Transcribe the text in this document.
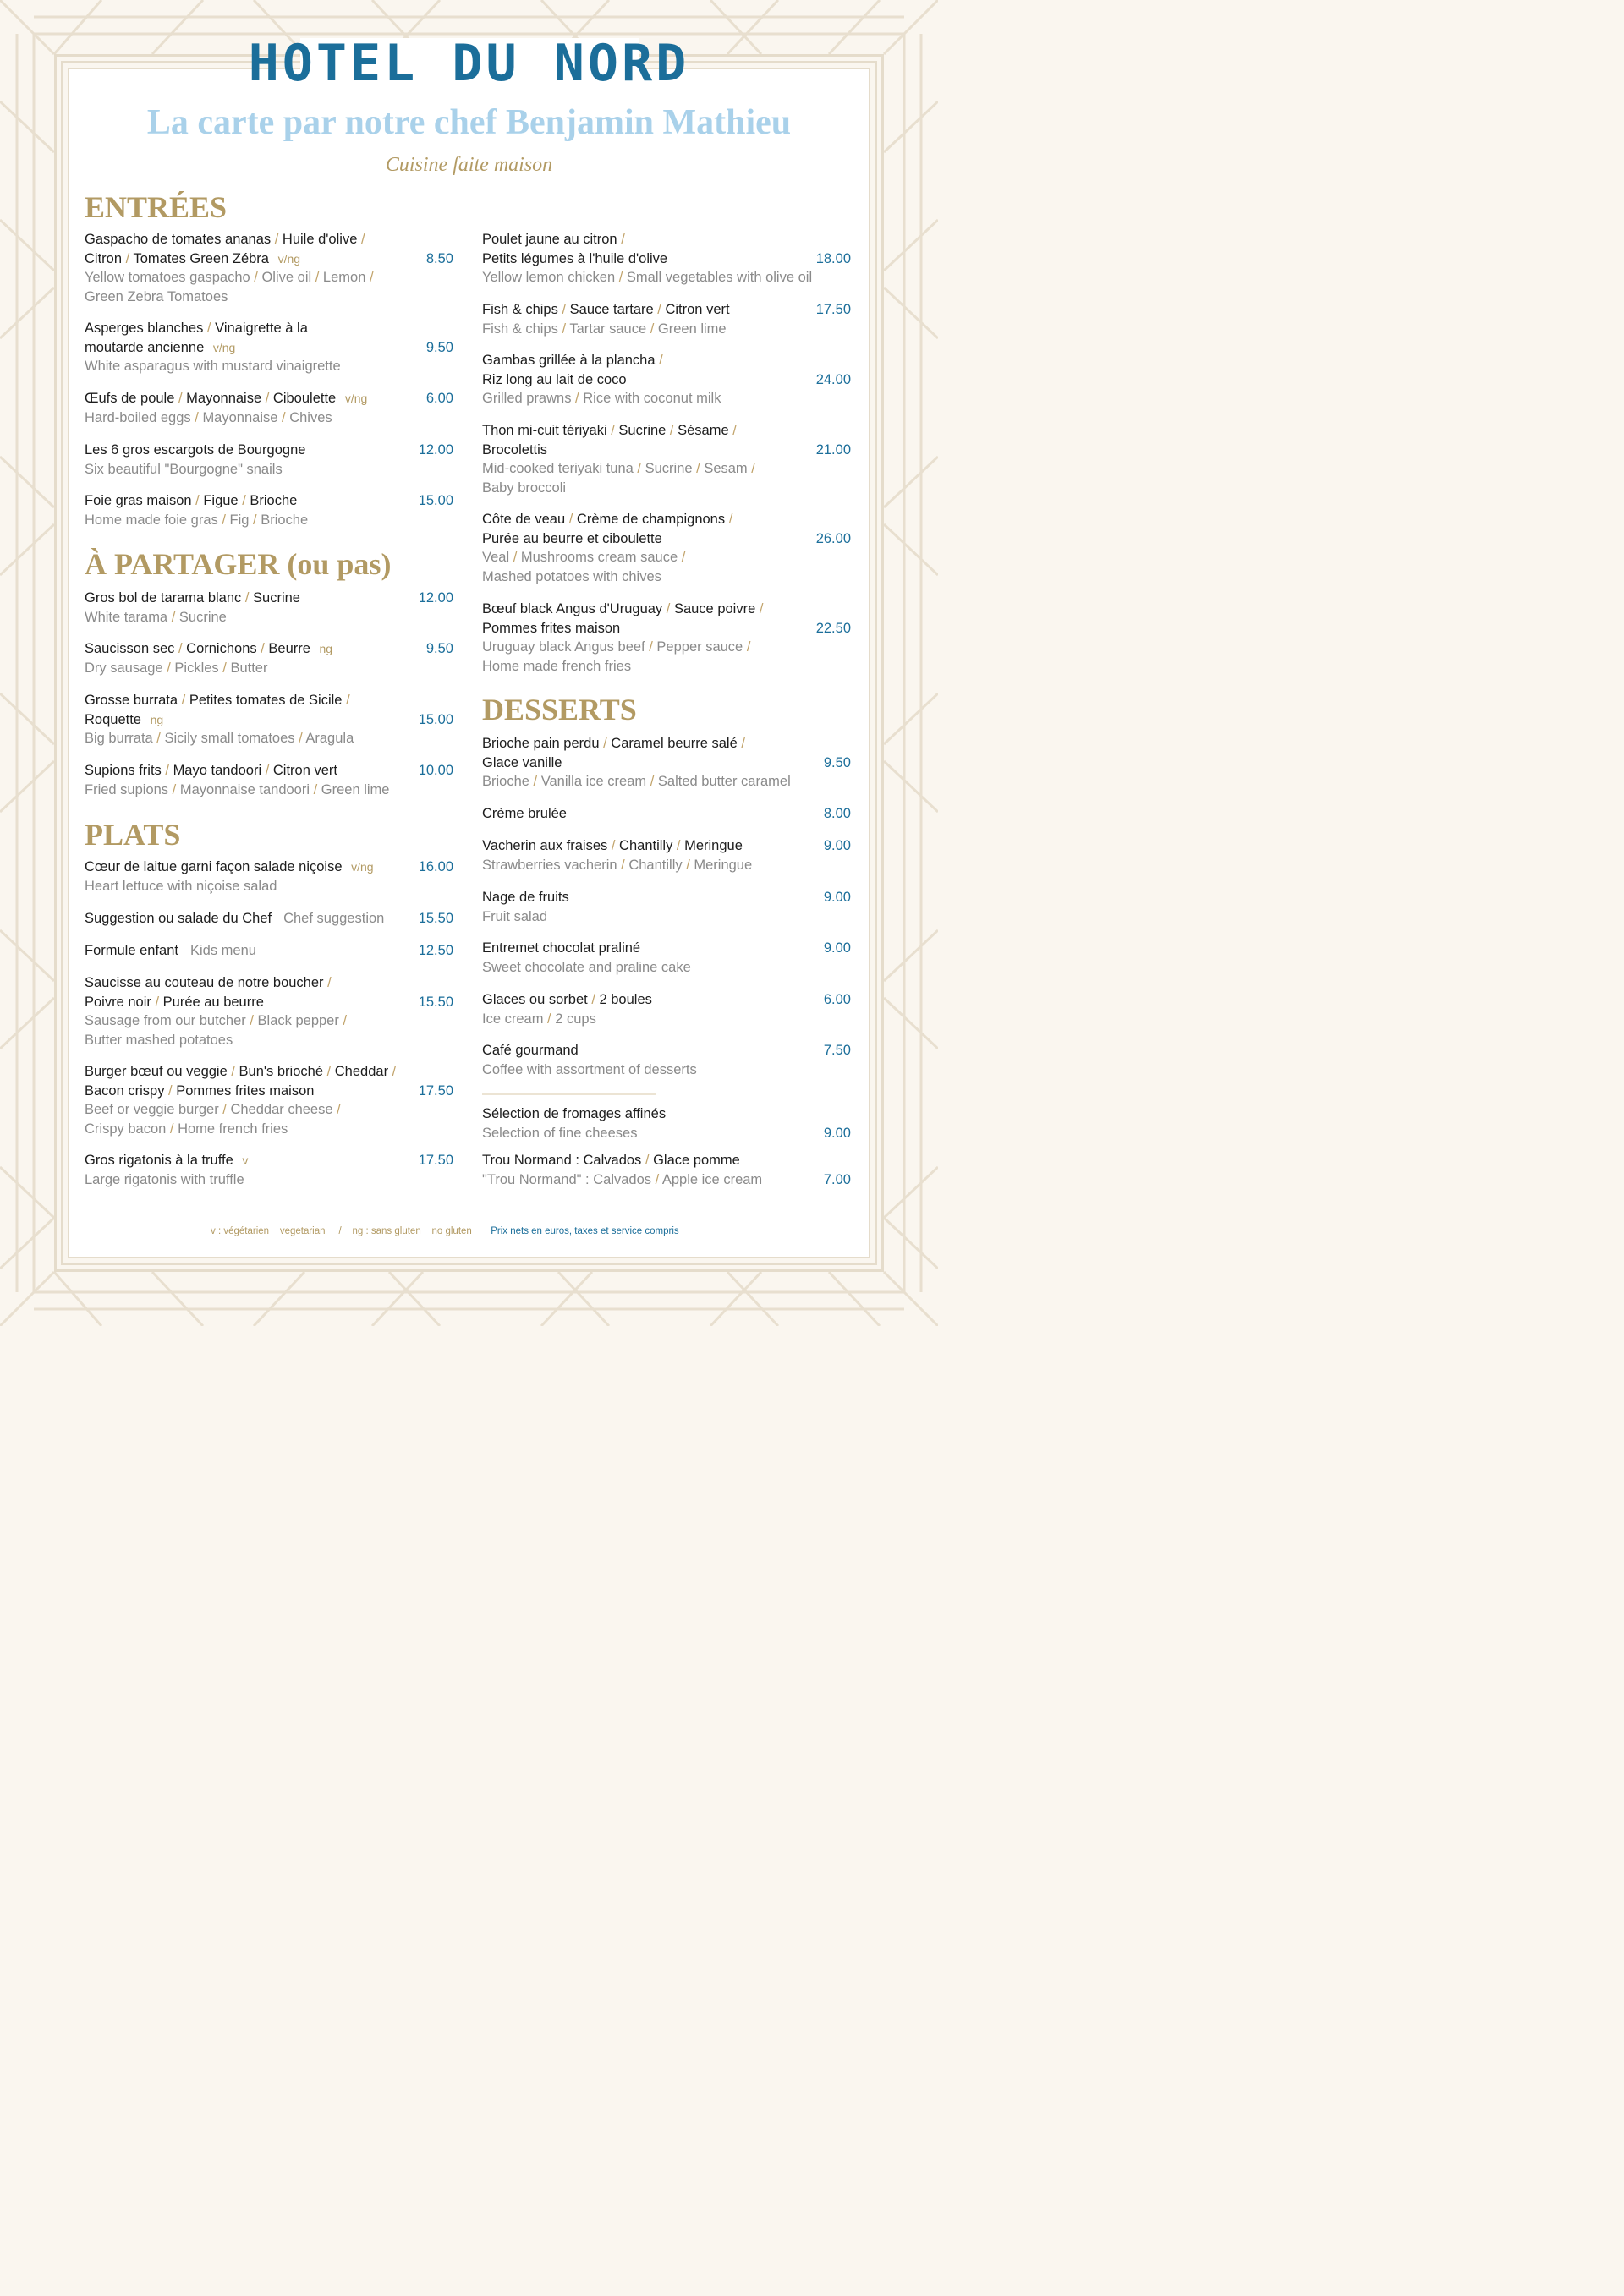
HOTEL DU NORD
La carte par notre chef Benjamin Mathieu
Cuisine faite maison
ENTRÉES
Gaspacho de tomates ananas / Huile d'olive /
Citron / Tomates Green Zébra v/ng
Yellow tomatoes gaspacho / Olive oil / Lemon /
Green Zebra Tomatoes
8.50
Asperges blanches / Vinaigrette à la
moutarde ancienne v/ng
White asparagus with mustard vinaigrette
9.50
Œufs de poule / Mayonnaise / Ciboulette v/ng
Hard-boiled eggs / Mayonnaise / Chives
6.00
Les 6 gros escargots de Bourgogne
Six beautiful "Bourgogne" snails
12.00
Foie gras maison / Figue / Brioche
Home made foie gras / Fig / Brioche
15.00
À PARTAGER (ou pas)
Gros bol de tarama blanc / Sucrine
White tarama / Sucrine
12.00
Saucisson sec / Cornichons / Beurre ng
Dry sausage / Pickles / Butter
9.50
Grosse burrata / Petites tomates de Sicile /
Roquette ng
Big burrata / Sicily small tomatoes / Aragula
15.00
Supions frits / Mayo tandoori / Citron vert
Fried supions / Mayonnaise tandoori / Green lime
10.00
PLATS
Cœur de laitue garni façon salade niçoise v/ng
Heart lettuce with niçoise salad
16.00
Suggestion ou salade du Chef Chef suggestion	15.50
Formule enfant Kids menu	12.50
Saucisse au couteau de notre boucher /
Poivre noir / Purée au beurre
Sausage from our butcher / Black pepper /
Butter mashed potatoes
15.50
Burger bœuf ou veggie / Bun's brioché / Cheddar /
Bacon crispy / Pommes frites maison
Beef or veggie burger / Cheddar cheese /
Crispy bacon / Home french fries
17.50
Gros rigatonis à la truffe v
Large rigatonis with truffle
17.50
Poulet jaune au citron /
Petits légumes à l'huile d'olive
Yellow lemon chicken / Small vegetables with olive oil
18.00
Fish & chips / Sauce tartare / Citron vert
Fish & chips / Tartar sauce / Green lime
17.50
Gambas grillée à la plancha /
Riz long au lait de coco
Grilled prawns / Rice with coconut milk
24.00
Thon mi-cuit tériyaki / Sucrine / Sésame /
Brocolettis
Mid-cooked teriyaki tuna / Sucrine / Sesam /
Baby broccoli
21.00
Côte de veau / Crème de champignons /
Purée au beurre et ciboulette
Veal / Mushrooms cream sauce /
Mashed potatoes with chives
26.00
Bœuf black Angus d'Uruguay / Sauce poivre /
Pommes frites maison
Uruguay black Angus beef / Pepper sauce /
Home made french fries
22.50
DESSERTS
Brioche pain perdu / Caramel beurre salé /
Glace vanille
Brioche / Vanilla ice cream / Salted butter caramel
9.50
Crème brulée	8.00
Vacherin aux fraises / Chantilly / Meringue
Strawberries vacherin / Chantilly / Meringue
9.00
Nage de fruits
Fruit salad
9.00
Entremet chocolat praliné
Sweet chocolate and praline cake
9.00
Glaces ou sorbet / 2 boules
Ice cream / 2 cups
6.00
Café gourmand
Coffee with assortment of desserts
7.50
Sélection de fromages affinés
Selection of fine cheeses	9.00
Trou Normand : Calvados / Glace pomme
"Trou Normand" : Calvados / Apple ice cream	7.00
v : végétarien vegetarian / ng : sans gluten no gluten Prix nets en euros, taxes et service compris
